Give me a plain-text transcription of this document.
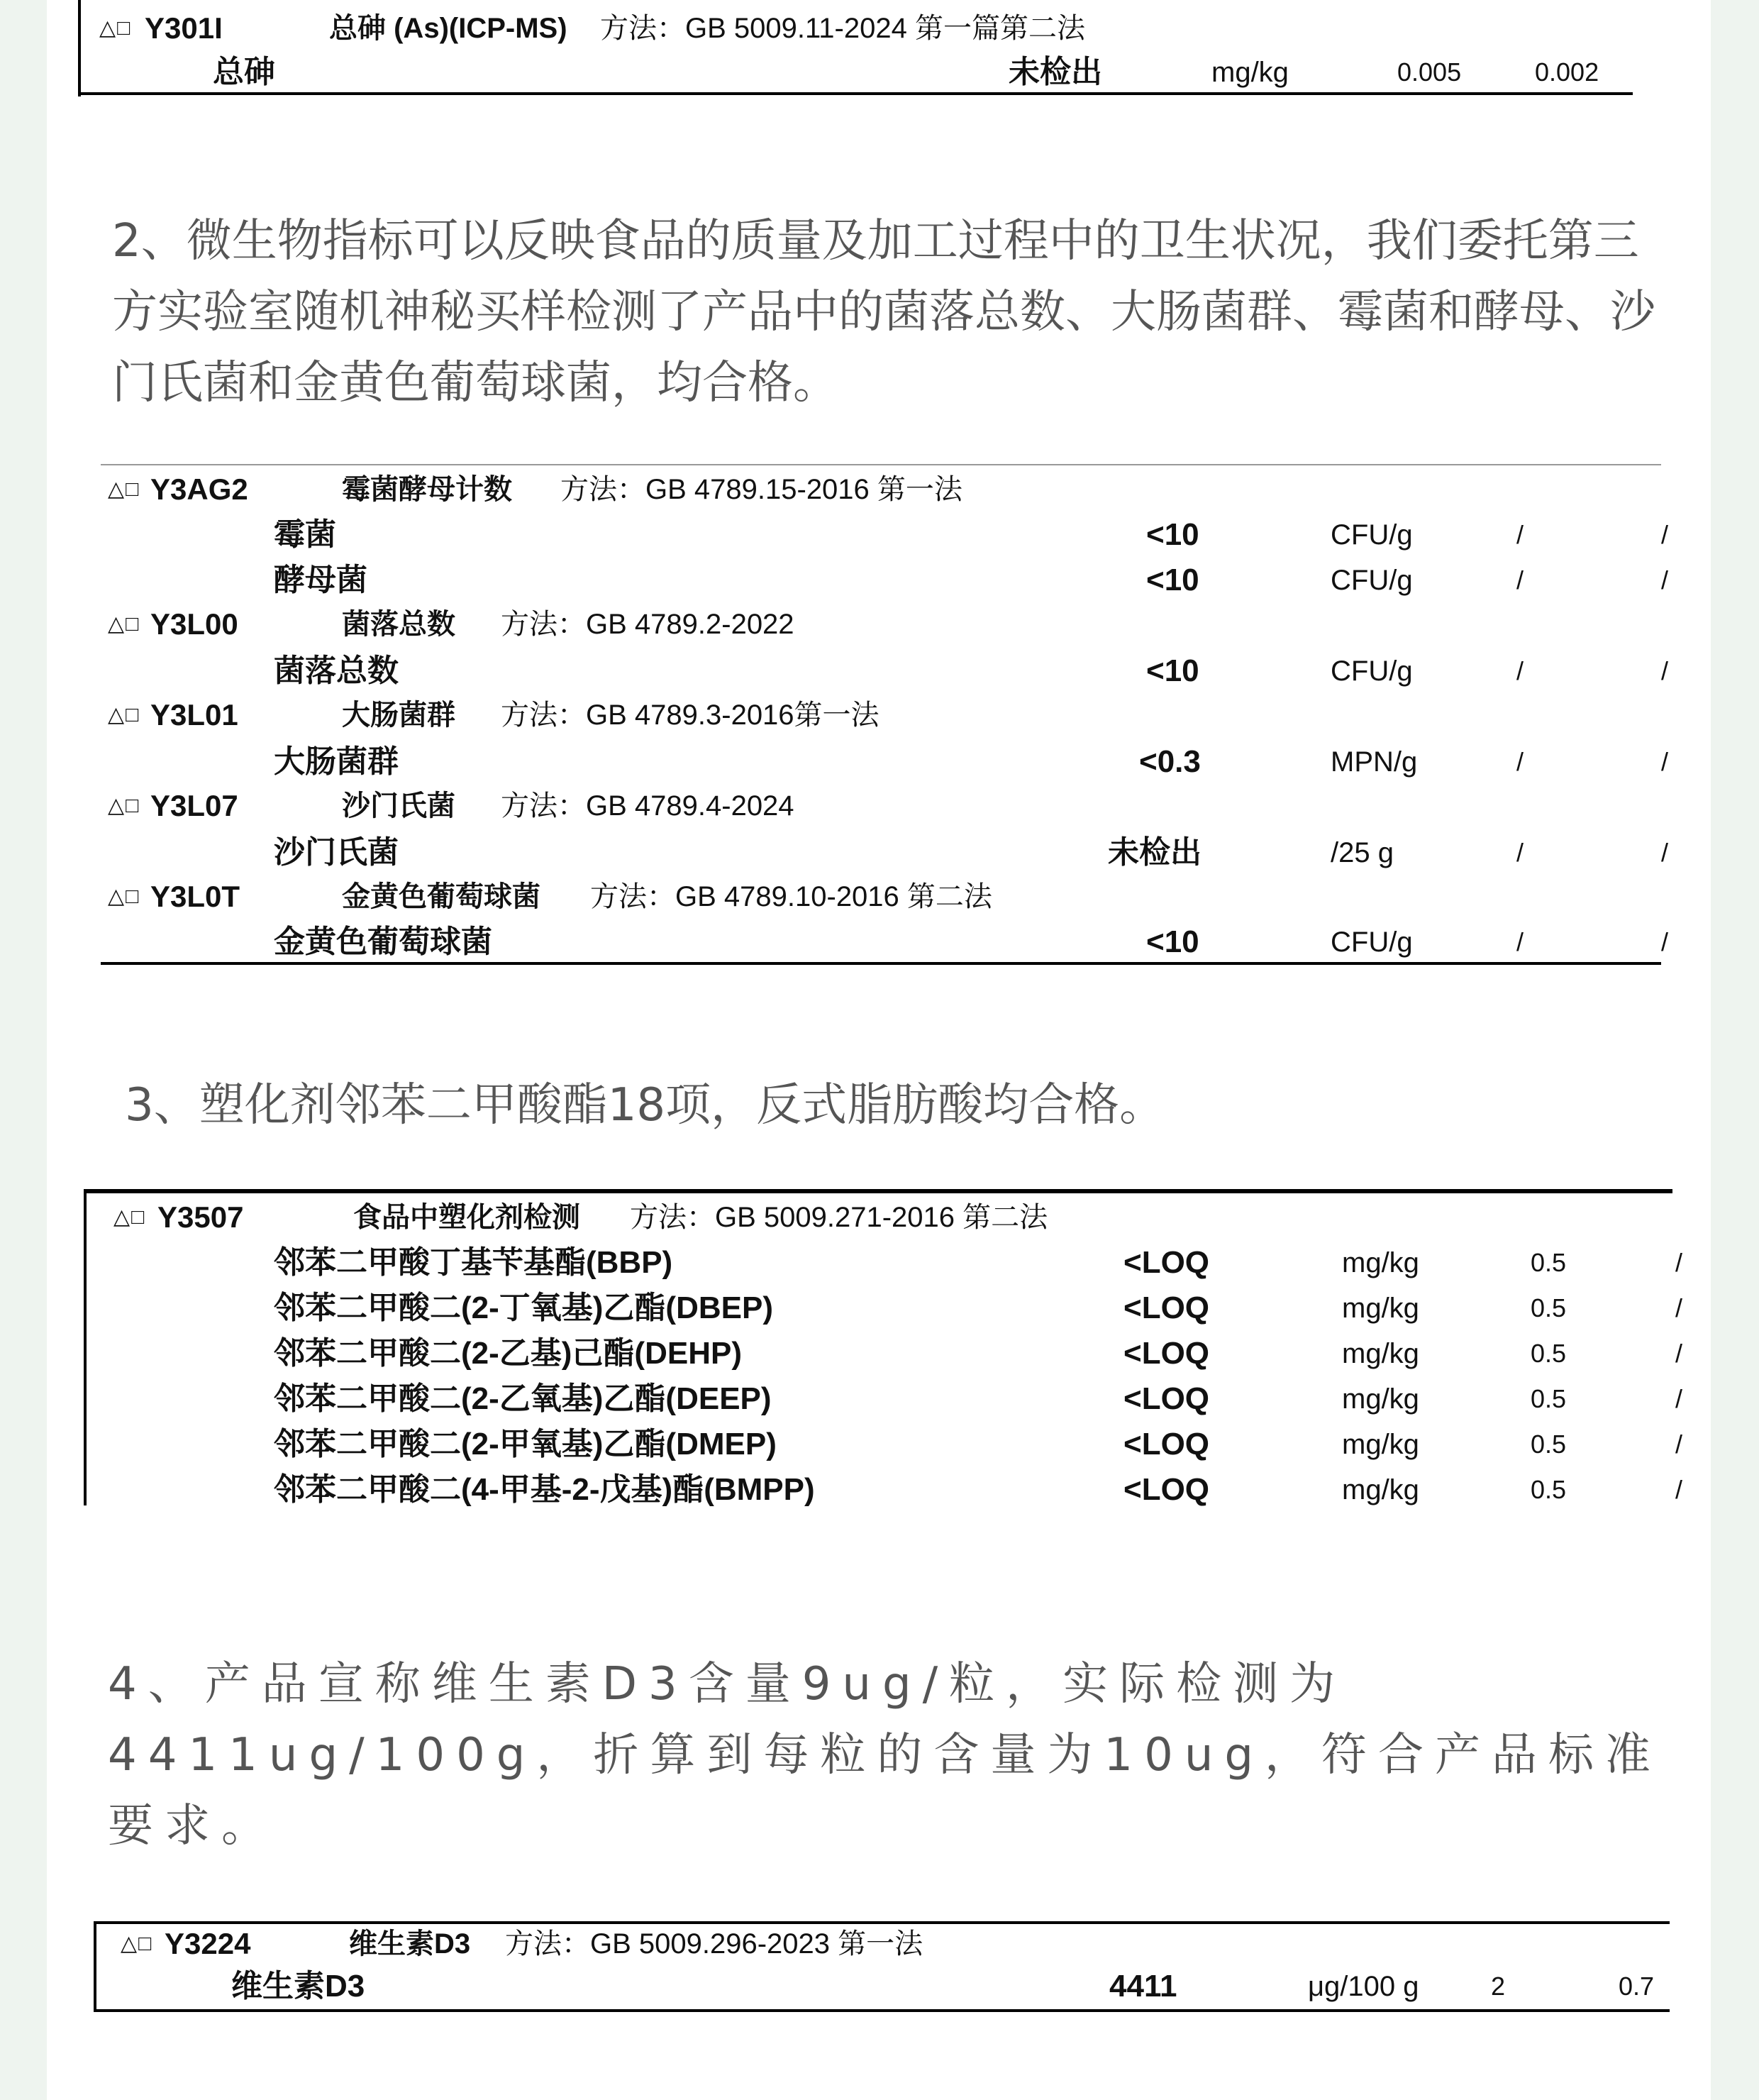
△□ Y301I	总砷 (As)(ICP-MS) 方法：GB 5009.11-2024 第一篇第二法
总砷	未检出	mg/kg	0.005	0.002

2、微生物指标可以反映食品的质量及加工过程中的卫生状况，我们委托第三方实验室随机神秘买样检测了产品中的菌落总数、大肠菌群、霉菌和酵母、沙门氏菌和金黄色葡萄球菌，均合格。

△□ Y3AG2	霉菌酵母计数 方法：GB 4789.15-2016 第一法
霉菌	<10	CFU/g	/	/
酵母菌	<10	CFU/g	/	/
△□ Y3L00	菌落总数 方法：GB 4789.2-2022
菌落总数	<10	CFU/g	/	/
△□ Y3L01	大肠菌群 方法：GB 4789.3-2016第一法
大肠菌群	<0.3	MPN/g	/	/
△□ Y3L07	沙门氏菌 方法：GB 4789.4-2024
沙门氏菌	未检出	/25 g	/	/
△□ Y3L0T	金黄色葡萄球菌 方法：GB 4789.10-2016 第二法
金黄色葡萄球菌	<10	CFU/g	/	/

3、塑化剂邻苯二甲酸酯18项，反式脂肪酸均合格。

△□ Y3507	食品中塑化剂检测 方法：GB 5009.271-2016 第二法
邻苯二甲酸丁基苄基酯(BBP)	<LOQ	mg/kg	0.5	/
邻苯二甲酸二(2-丁氧基)乙酯(DBEP)	<LOQ	mg/kg	0.5	/
邻苯二甲酸二(2-乙基)己酯(DEHP)	<LOQ	mg/kg	0.5	/
邻苯二甲酸二(2-乙氧基)乙酯(DEEP)	<LOQ	mg/kg	0.5	/
邻苯二甲酸二(2-甲氧基)乙酯(DMEP)	<LOQ	mg/kg	0.5	/
邻苯二甲酸二(4-甲基-2-戊基)酯(BMPP)	<LOQ	mg/kg	0.5	/

4、产品宣称维生素D3含量9ug/粒，实际检测为4411ug/100g，折算到每粒的含量为10ug，符合产品标准要求。

△□ Y3224	维生素D3 方法：GB 5009.296-2023 第一法
维生素D3	4411	μg/100 g	2	0.7
